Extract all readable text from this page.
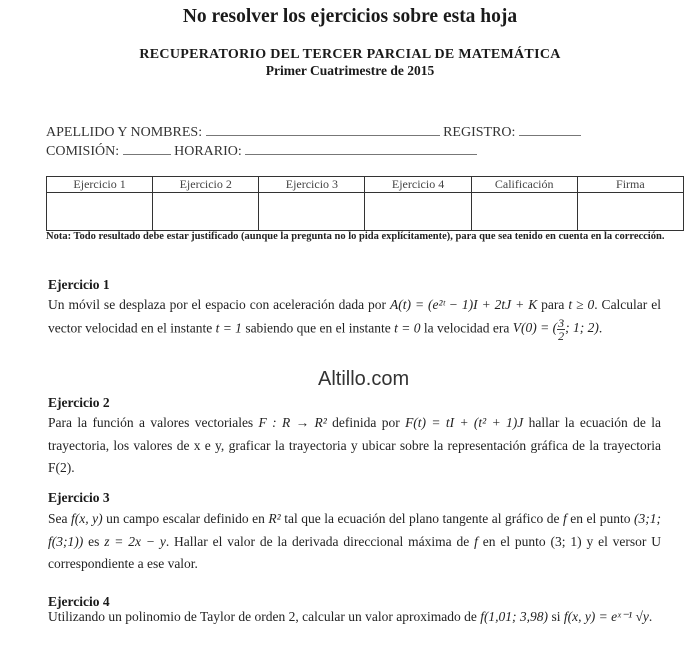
No resolver los ejercicios sobre esta hoja
RECUPERATORIO DEL TERCER PARCIAL DE MATEMÁTICA
Primer Cuatrimestre de 2015
APELLIDO Y NOMBRES:	REGISTRO:
COMISIÓN:	HORARIO:
Ejercicio 1	Ejercicio 2	Ejercicio 3	Ejercicio 4	Calificación	Firma

Nota: Todo resultado debe estar justificado (aunque la pregunta no lo pida explícitamente), para que sea tenido en cuenta en la corrección.
Ejercicio 1
Un móvil se desplaza por el espacio con aceleración dada por A(t) = (e²ᵗ − 1)I + 2tJ + K para t ≥ 0. Calcular el vector velocidad en el instante t = 1 sabiendo que en el instante t = 0 la velocidad era V(0) = ( $\frac{3}{2}$ ; 1; 2).
Altillo.com
Ejercicio 2
Para la función a valores vectoriales F : R → R² definida por F(t) = tI + (t² + 1)J hallar la ecuación de la trayectoria, los valores de x e y, graficar la trayectoria y ubicar sobre la representación gráfica de la trayectoria F(2).
Ejercicio 3
Sea f(x, y) un campo escalar definido en R² tal que la ecuación del plano tangente al gráfico de f en el punto (3;1; f(3;1)) es z = 2x − y. Hallar el valor de la derivada direccional máxima de f en el punto (3; 1) y el versor U correspondiente a ese valor.
Ejercicio 4
Utilizando un polinomio de Taylor de orden 2, calcular un valor aproximado de f(1,01; 3,98) si f(x, y) = eˣ⁻¹ √y.
